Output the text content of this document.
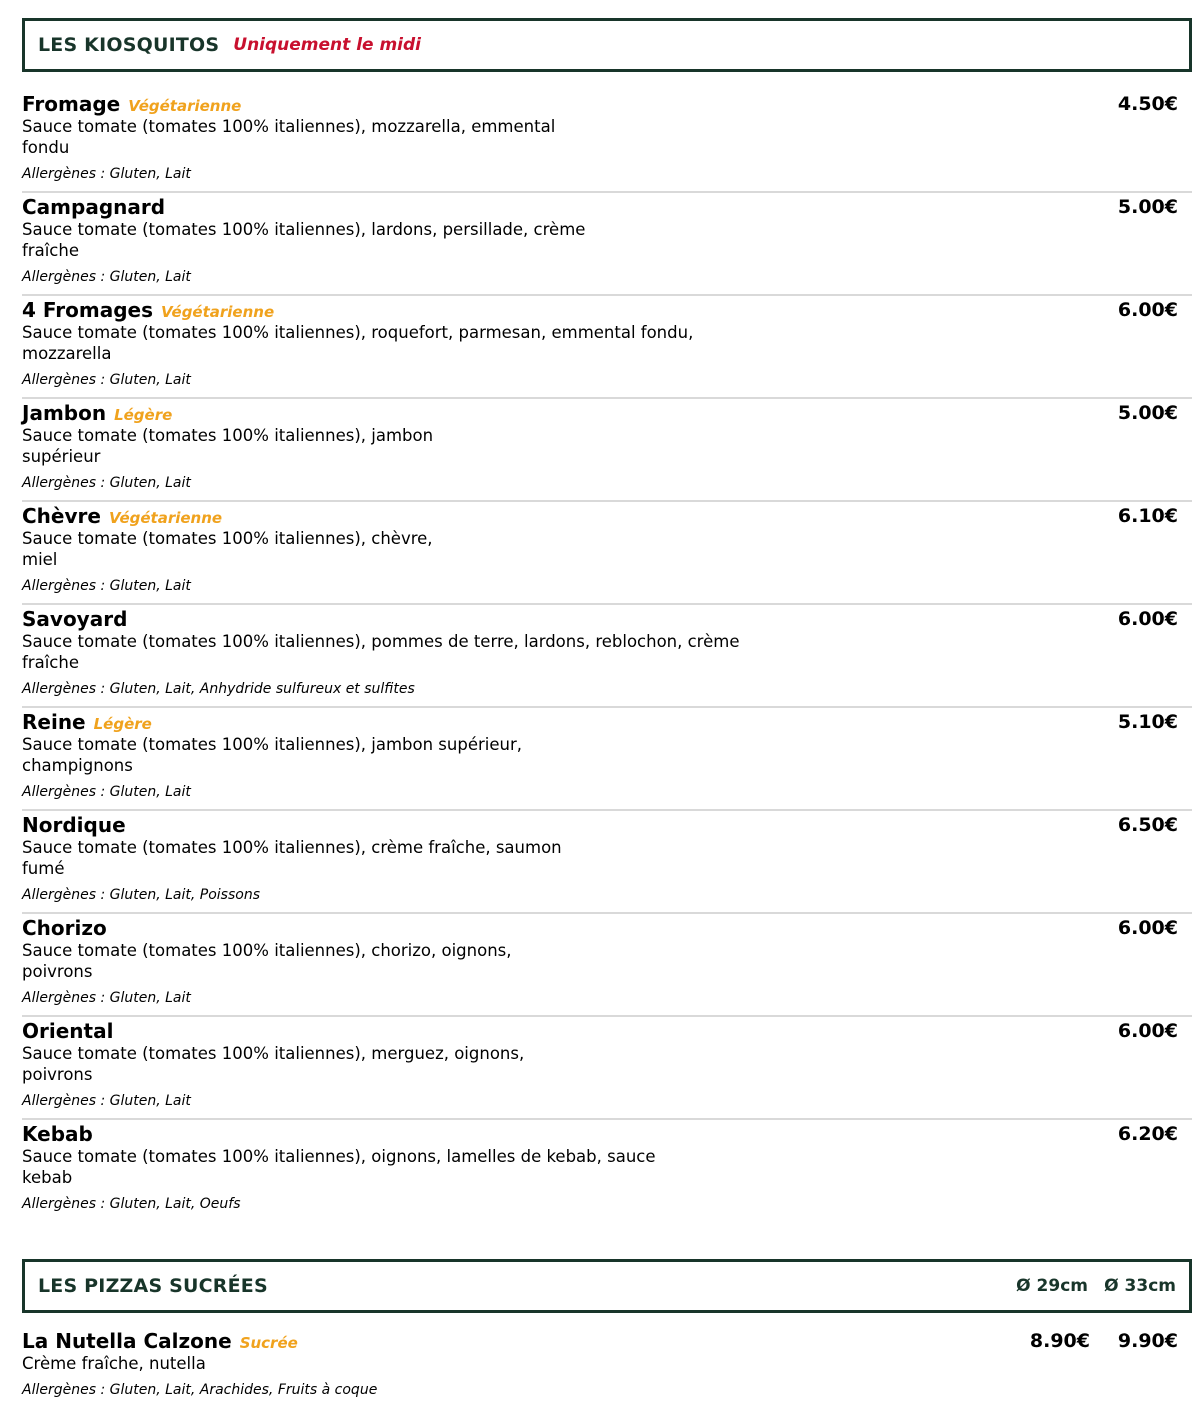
LES KIOSQUITOS Uniquement le midi
Fromage Végétarienne
Sauce tomate (tomates 100% italiennes), mozzarella, emmental
fondu
Allergènes : Gluten, Lait
4.50€
Campagnard
Sauce tomate (tomates 100% italiennes), lardons, persillade, crème
fraîche
Allergènes : Gluten, Lait
5.00€
4 Fromages Végétarienne
Sauce tomate (tomates 100% italiennes), roquefort, parmesan, emmental fondu,
mozzarella
Allergènes : Gluten, Lait
6.00€
Jambon Légère
Sauce tomate (tomates 100% italiennes), jambon
supérieur
Allergènes : Gluten, Lait
5.00€
Chèvre Végétarienne
Sauce tomate (tomates 100% italiennes), chèvre,
miel
Allergènes : Gluten, Lait
6.10€
Savoyard
Sauce tomate (tomates 100% italiennes), pommes de terre, lardons, reblochon, crème
fraîche
Allergènes : Gluten, Lait, Anhydride sulfureux et sulfites
6.00€
Reine Légère
Sauce tomate (tomates 100% italiennes), jambon supérieur,
champignons
Allergènes : Gluten, Lait
5.10€
Nordique
Sauce tomate (tomates 100% italiennes), crème fraîche, saumon
fumé
Allergènes : Gluten, Lait, Poissons
6.50€
Chorizo
Sauce tomate (tomates 100% italiennes), chorizo, oignons,
poivrons
Allergènes : Gluten, Lait
6.00€
Oriental
Sauce tomate (tomates 100% italiennes), merguez, oignons,
poivrons
Allergènes : Gluten, Lait
6.00€
Kebab
Sauce tomate (tomates 100% italiennes), oignons, lamelles de kebab, sauce
kebab
Allergènes : Gluten, Lait, Oeufs
6.20€
LES PIZZAS SUCRÉES	Ø 29cm Ø 33cm
La Nutella Calzone Sucrée
Crème fraîche, nutella
Allergènes : Gluten, Lait, Arachides, Fruits à coque
8.90€	9.90€
